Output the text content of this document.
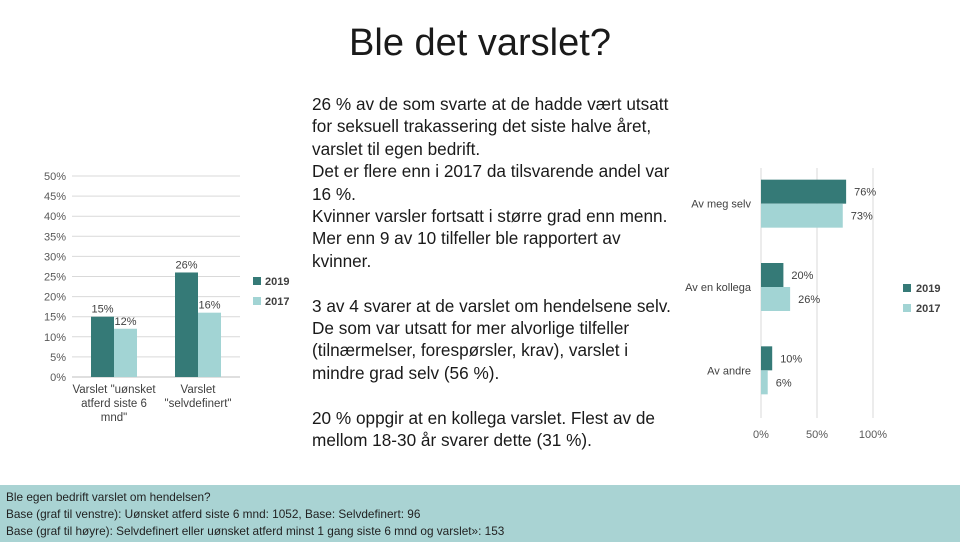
Ble det varslet?

26 % av de som svarte at de hadde vært utsatt
for seksuell trakassering det siste halve året,
varslet til egen bedrift.
Det er flere enn i 2017 da tilsvarende andel var
16 %.
Kvinner varsler fortsatt i større grad enn menn.
Mer enn 9 av 10 tilfeller ble rapportert av
kvinner.

3 av 4 svarer at de varslet om hendelsene selv.
De som var utsatt for mer alvorlige tilfeller
(tilnærmelser, forespørsler, krav), varslet i
mindre grad selv (56 %).

20 % oppgir at en kollega varslet. Flest av de
mellom 18-30 år svarer dette (31 %).

0%
5%
10%
15%
20%
25%
30%
35%
40%
45%
50%
15%
12%
Varslet "uønsket
atferd siste 6
mnd"
26%
16%
Varslet
"selvdefinert"
2019
2017
0%	50%	100%
Av meg selv
76%
73%
Av en kollega
20%
26%
Av andre
10%
6%
2019
2017
Ble egen bedrift varslet om hendelsen?
Base (graf til venstre): Uønsket atferd siste 6 mnd: 1052, Base: Selvdefinert: 96
Base (graf til høyre): Selvdefinert eller uønsket atferd minst 1 gang siste 6 mnd og varslet»: 153
